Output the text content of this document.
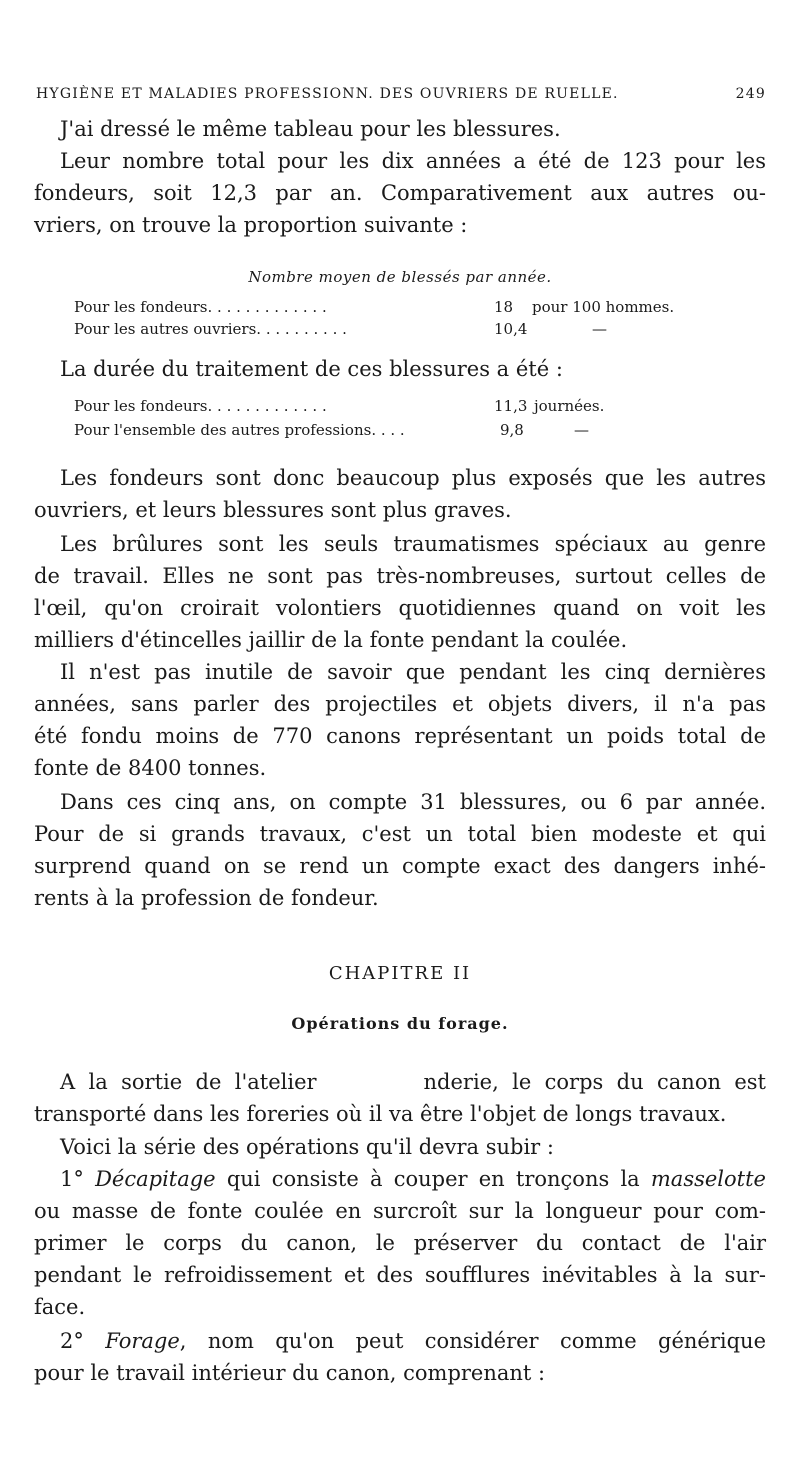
HYGIÈNE ET MALADIES PROFESSIONN. DES OUVRIERS DE RUELLE.	249
J'ai dressé le même tableau pour les blessures.
Leur nombre total pour les dix années a été de 123 pour les
fondeurs, soit 12,3 par an. Comparativement aux autres ou-
vriers, on trouve la proportion suivante :
Nombre moyen de blessés par année.
Pour les fondeurs. . . . . . . . . . . . .	18 pour 100 hommes.
Pour les autres ouvriers. . . . . . . . . .	10,4	—
La durée du traitement de ces blessures a été :
Pour les fondeurs. . . . . . . . . . . . .	11,3 journées.
Pour l'ensemble des autres professions. . . .	9,8	—
Les fondeurs sont donc beaucoup plus exposés que les autres
ouvriers, et leurs blessures sont plus graves.
Les brûlures sont les seuls traumatismes spéciaux au genre
de travail. Elles ne sont pas très-nombreuses, surtout celles de
l'œil, qu'on croirait volontiers quotidiennes quand on voit les
milliers d'étincelles jaillir de la fonte pendant la coulée.
Il n'est pas inutile de savoir que pendant les cinq dernières
années, sans parler des projectiles et objets divers, il n'a pas
été fondu moins de 770 canons représentant un poids total de
fonte de 8400 tonnes.
Dans ces cinq ans, on compte 31 blessures, ou 6 par année.
Pour de si grands travaux, c'est un total bien modeste et qui
surprend quand on se rend un compte exact des dangers inhé-
rents à la profession de fondeur.
CHAPITRE II
Opérations du forage.
A la sortie de l'atelier        nderie, le corps du canon est
transporté dans les foreries où il va être l'objet de longs travaux.
Voici la série des opérations qu'il devra subir :
1° Décapitage qui consiste à couper en tronçons la masselotte
ou masse de fonte coulée en surcroît sur la longueur pour com-
primer le corps du canon, le préserver du contact de l'air
pendant le refroidissement et des soufflures inévitables à la sur-
face.
2° Forage, nom qu'on peut considérer comme générique
pour le travail intérieur du canon, comprenant :
